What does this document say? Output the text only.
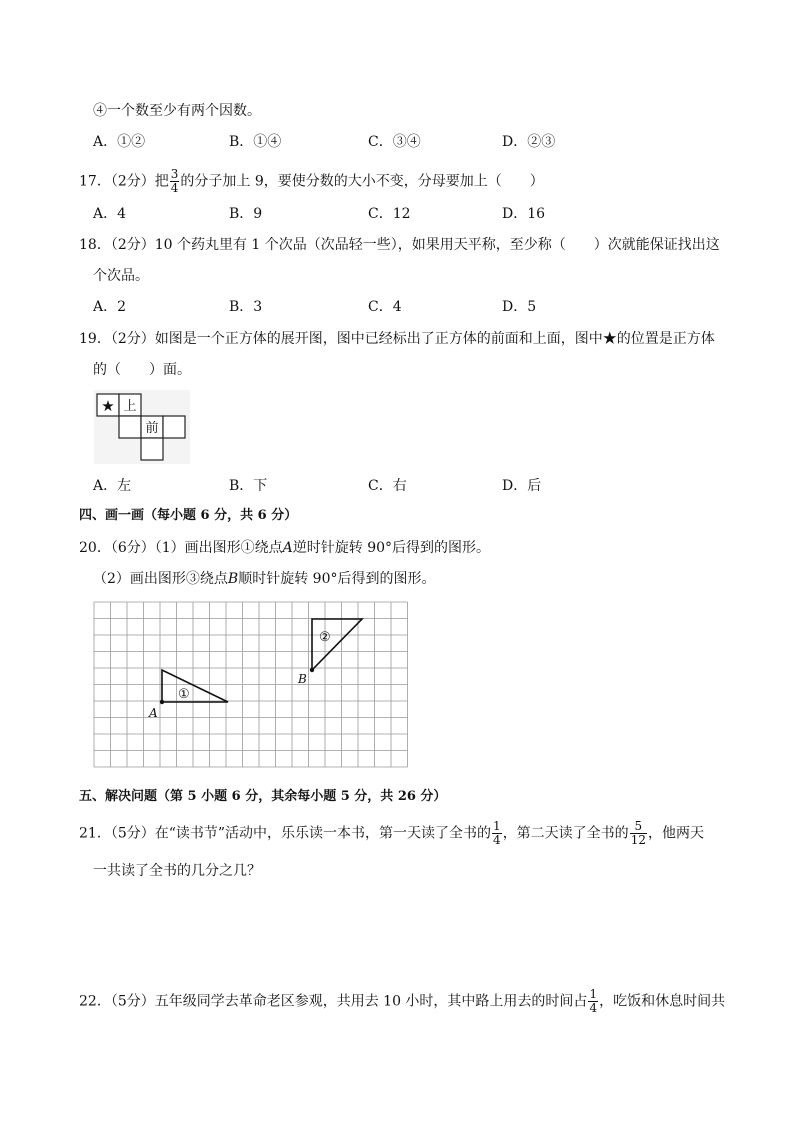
④一个数至少有两个因数。
A．①②	B．①④	C．③④	D．②③
17．（2分）把 $\frac{3}{4}$ 的分子加上 9，要使分数的大小不变，分母要加上（　　）
A．4	B．9	C．12	D．16
18．（2分）10 个药丸里有 1 个次品（次品轻一些），如果用天平称，至少称（　　）次就能保证找出这
个次品。
A．2	B．3	C．4	D．5
19．（2分）如图是一个正方体的展开图，图中已经标出了正方体的前面和上面，图中★的位置是正方体
的（　　）面。
★ 上
前
A．左	B．下	C．右	D．后
四、画一画（每小题 6 分，共 6 分）
20．（6分）（1）画出图形①绕点A逆时针旋转 90°后得到的图形。
（2）画出图形③绕点B顺时针旋转 90°后得到的图形。
①
②
A
B
五、解决问题（第 5 小题 6 分，其余每小题 5 分，共 26 分）
21．（5分）在“读书节”活动中，乐乐读一本书，第一天读了全书的 $\frac{1}{4}$ ，第二天读了全书的 $\frac{5}{12}$ ，他两天
一共读了全书的几分之几？
22．（5分）五年级同学去革命老区参观，共用去 10 小时，其中路上用去的时间占 $\frac{1}{4}$ ，吃饭和休息时间共
